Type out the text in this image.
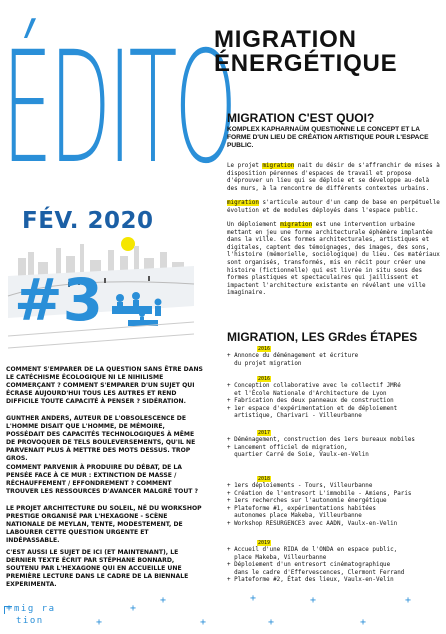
ÉDITO
FÉV. 2020
#3
COMMENT S'EMPARER DE LA QUESTION SANS ÊTRE DANS LE CATÉCHISME ÉCOLOGIQUE NI LE NIHILISME COMMERÇANT ? COMMENT S'EMPARER D'UN SUJET QUI ÉCRASE AUJOURD'HUI TOUS LES AUTRES ET REND DIFFICILE TOUTE CAPACITÉ À PENSER ? SIDÉRATION.
GUNTHER ANDERS, AUTEUR DE L'OBSOLESCENCE DE L'HOMME DISAIT QUE L'HOMME, DE MÉMOIRE, POSSÉDAIT DES CAPACITÉS TECHNOLOGIQUES À MÊME DE PROVOQUER DE TELS BOULEVERSEMENTS, QU'IL NE PARVENAIT PLUS À METTRE DES MOTS DESSUS. TROP GROS.
COMMENT PARVENIR À PRODUIRE DU DÉBAT, DE LA PENSÉE FACE À CE MUR : EXTINCTION DE MASSE / RÉCHAUFFEMENT / EFFONDREMENT ? COMMENT TROUVER LES RESSOURCES D'AVANCER MALGRÉ TOUT ?
LE PROJET ARCHITECTURE DU SOLEIL, NÉ DU WORKSHOP PRESTIGE ORGANISÉ PAR L'HEXAGONE - SCÈNE NATIONALE DE MEYLAN, TENTE, MODESTEMENT, DE LABOURER CETTE QUESTION URGENTE ET INDÉPASSABLE.
C'EST AUSSI LE SUJET DE ICI (ET MAINTENANT), LE DERNIER TEXTE ÉCRIT PAR STÉPHANE BONNARD, SOUTENU PAR L'HEXAGONE QUI EN ACCUEILLE UNE PREMIÈRE LECTURE DANS LE CADRE DE LA BIENNALE EXPERIMENTA.
mig ra
tion
+	+
+	+	+	+
+	+	+
+
MIGRATION
ÉNERGÉTIQUE
MIGRATION C'EST QUOI?
KOMPLEX KAPHARNAÜM QUESTIONNE LE CONCEPT ET LA FORME D'UN LIEU DE CRÉATION ARTISTIQUE POUR L'ESPACE PUBLIC.
Le projet migration nait du désir de s'affranchir de mises à disposition pérennes d'espaces de travail et propose d'éprouver un lieu qui se déploie et se développe au-delà des murs, à la rencontre de différents contextes urbains.
migration s'articule autour d'un camp de base en perpétuelle évolution et de modules déployés dans l'espace public.
Un déploiement migration est une intervention urbaine mettant en jeu une forme architecturale éphémère implantée dans la ville. Ces formes architecturales, artistiques et digitales, captent des témoignages, des images, des sons, l'histoire (mémorielle, sociologique) du lieu. Ces matériaux sont organisés, transformés, mis en récit pour créer une histoire (fictionnelle) qui est livrée in situ sous des formes plastiques et spectaculaires qui jaillissent et impactent l'architecture existante en révélant une ville imaginaire.
MIGRATION, LES GRdes ÉTAPES
2016
+ Annonce du déménagement et écriture
du projet migration
2016
+ Conception collaborative avec le collectif JMRé
et l'École Nationale d'Architecture de Lyon
+ Fabrication des deux panneaux de construction
+ 1er espace d'expérimentation et de déploiement
artistique, Charivari - Villeurbanne
2017
+ Déménagement, construction des 1ers bureaux mobiles
+ Lancement officiel de migration,
quartier Carré de Soie, Vaulx-en-Velin
2018
+ 1ers déploiements - Tours, Villeurbanne
+ Création de l'entresort L'immobile - Amiens, Paris
+ 1ers recherches sur l'autonomie énergétique
+ Plateforme #1, expérimentations habitées
autonomes place Makeba, Villeurbanne
+ Workshop RESURGENCE3 avec AADN, Vaulx-en-Velin
2019
+ Accueil d'une RIDA de l'ONDA en espace public,
place Makeba, Villeurbanne
+ Déploiement d'un entresort cinématographique
dans le cadre d'Effervescences, Clermont Ferrand
+ Plateforme #2, État des lieux, Vaulx-en-Velin
